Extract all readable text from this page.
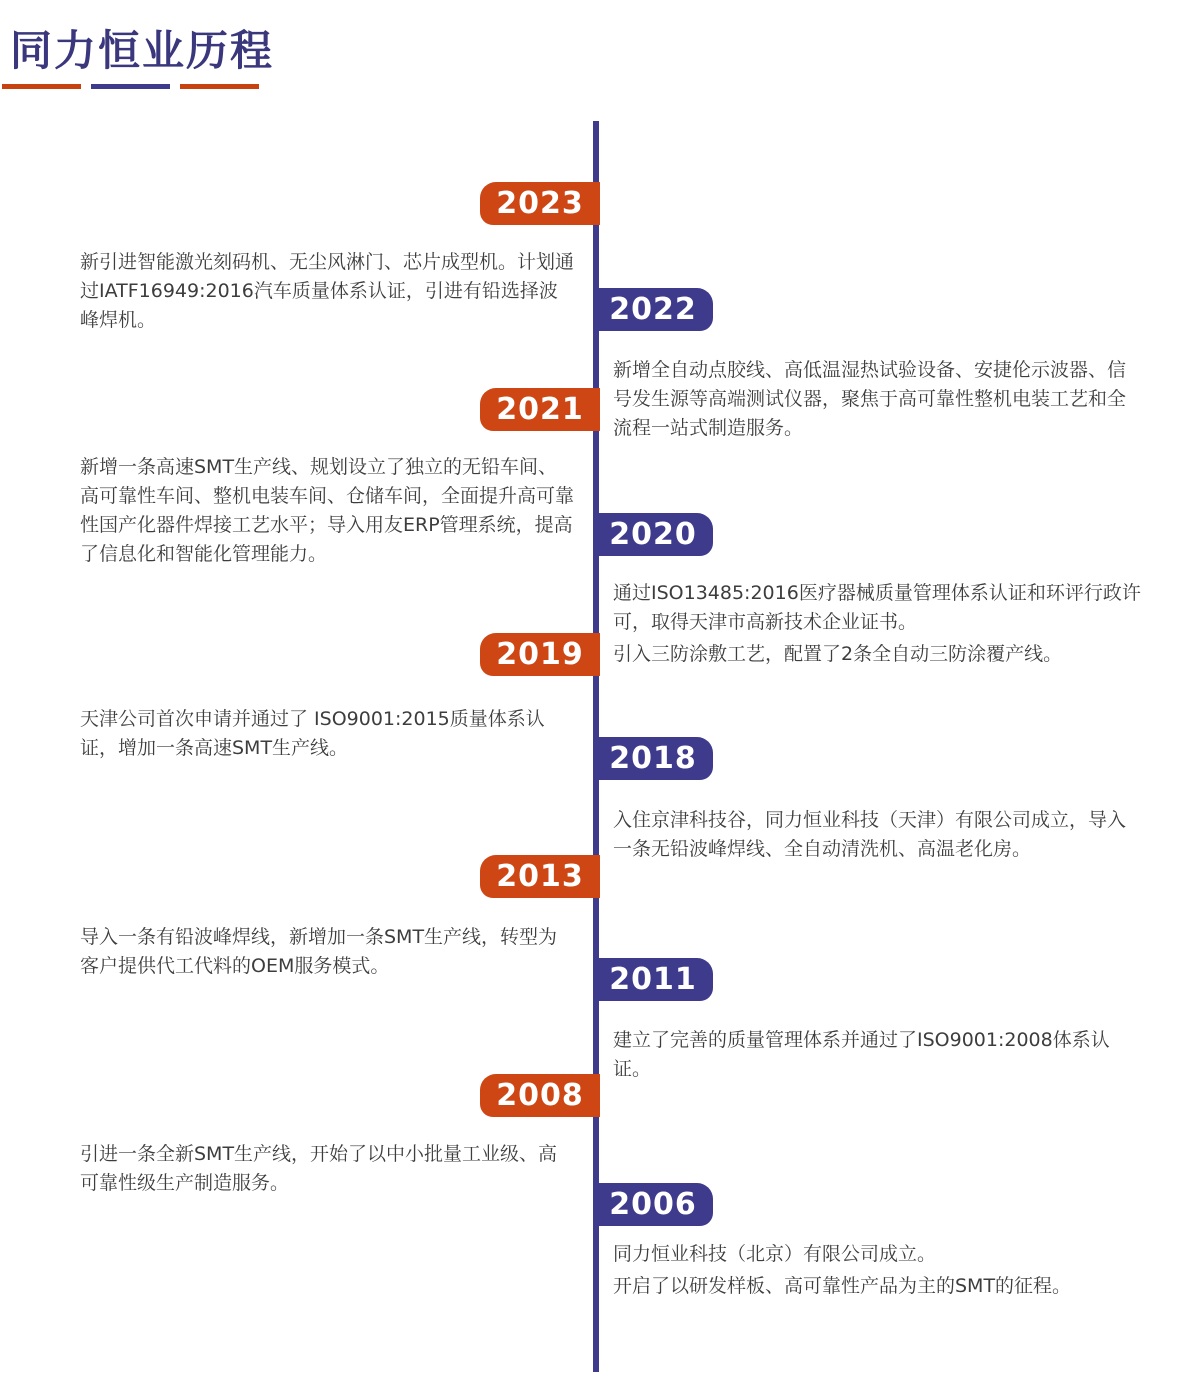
同力恒业历程
2023
新引进智能激光刻码机、无尘风淋门、芯片成型机。计划通过IATF16949:2016汽车质量体系认证，引进有铅选择波峰焊机。	2022
新增全自动点胶线、高低温湿热试验设备、安捷伦示波器、信号发生源等高端测试仪器，聚焦于高可靠性整机电装工艺和全流程一站式制造服务。
2021
新增一条高速SMT生产线、规划设立了独立的无铅车间、高可靠性车间、整机电装车间、仓储车间，全面提升高可靠性国产化器件焊接工艺水平；导入用友ERP管理系统，提高了信息化和智能化管理能力。
2020
通过ISO13485:2016医疗器械质量管理体系认证和环评行政许可，取得天津市高新技术企业证书。
引入三防涂敷工艺，配置了2条全自动三防涂覆产线。
2019
天津公司首次申请并通过了 ISO9001:2015质量体系认证，增加一条高速SMT生产线。	2018
入住京津科技谷，同力恒业科技（天津）有限公司成立，导入一条无铅波峰焊线、全自动清洗机、高温老化房。
2013
导入一条有铅波峰焊线，新增加一条SMT生产线，转型为客户提供代工代料的OEM服务模式。	2011
建立了完善的质量管理体系并通过了ISO9001:2008体系认证。
2008
引进一条全新SMT生产线，开始了以中小批量工业级、高可靠性级生产制造服务。
2006
同力恒业科技（北京）有限公司成立。
开启了以研发样板、高可靠性产品为主的SMT的征程。
